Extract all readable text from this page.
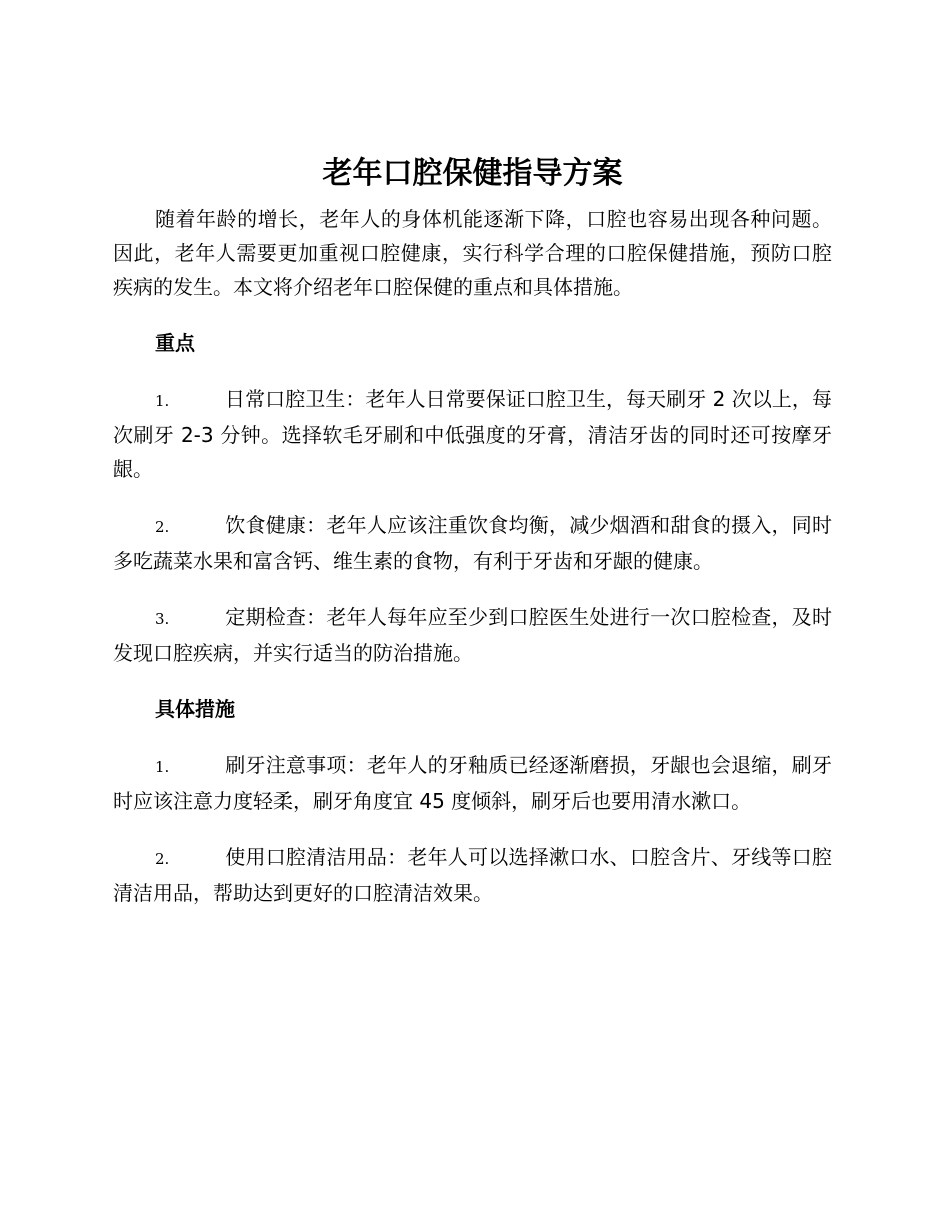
老年口腔保健指导方案

随着年龄的增长，老年人的身体机能逐渐下降，口腔也容易出现各种问题。因此，老年人需要更加重视口腔健康，实行科学合理的口腔保健措施，预防口腔疾病的发生。本文将介绍老年口腔保健的重点和具体措施。

重点

1.	日常口腔卫生：老年人日常要保证口腔卫生，每天刷牙 2 次以上，每次刷牙 2-3 分钟。选择软毛牙刷和中低强度的牙膏，清洁牙齿的同时还可按摩牙龈。

2.	饮食健康：老年人应该注重饮食均衡，减少烟酒和甜食的摄入，同时多吃蔬菜水果和富含钙、维生素的食物，有利于牙齿和牙龈的健康。

3.	定期检查：老年人每年应至少到口腔医生处进行一次口腔检查，及时发现口腔疾病，并实行适当的防治措施。

具体措施

1.	刷牙注意事项：老年人的牙釉质已经逐渐磨损，牙龈也会退缩，刷牙时应该注意力度轻柔，刷牙角度宜 45 度倾斜，刷牙后也要用清水漱口。

2.	使用口腔清洁用品：老年人可以选择漱口水、口腔含片、牙线等口腔清洁用品，帮助达到更好的口腔清洁效果。
